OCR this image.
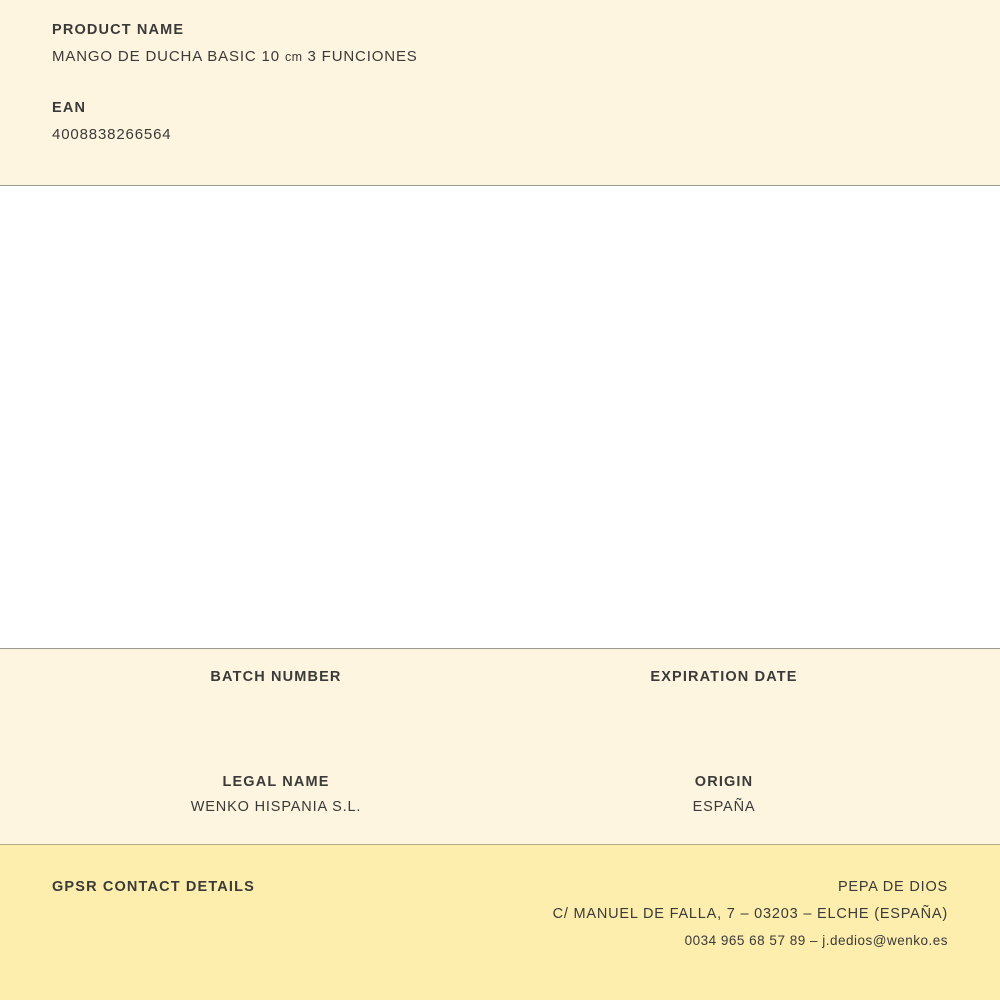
PRODUCT NAME

MANGO DE DUCHA BASIC 10 cm 3 FUNCIONES

EAN

4008838266564

BATCH NUMBER	EXPIRATION DATE

LEGAL NAME

WENKO HISPANIA S.L.

ORIGIN

ESPAÑA

GPSR CONTACT DETAILS	PEPA DE DIOS

C/ MANUEL DE FALLA, 7 – 03203 – ELCHE (ESPAÑA)

0034 965 68 57 89 – j.dedios@wenko.es
